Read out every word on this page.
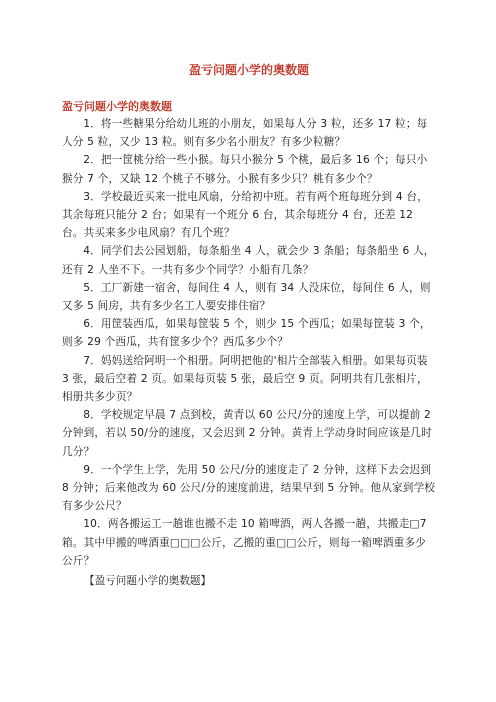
盈亏问题小学的奥数题
盈亏问题小学的奥数题
1．将一些糖果分给幼儿班的小朋友，如果每人分 3 粒，还多 17 粒；每人分 5 粒，又少 13 粒。则有多少名小朋友？有多少粒糖？
2．把一筐桃分给一些小猴。每只小猴分 5 个桃，最后多 16 个；每只小猴分 7 个，又缺 12 个桃子不够分。小猴有多少只？桃有多少个？
3．学校最近买来一批电风扇，分给初中班。若有两个班每班分到 4 台，其余每班只能分 2 台；如果有一个班分 6 台，其余每班分 4 台，还差 12 台。共买来多少电风扇？有几个班？
4．同学们去公园划船，每条船坐 4 人，就会少 3 条船；每条船坐 6 人，还有 2 人坐不下。一共有多少个同学？小船有几条？
5．工厂新建一宿舍，每间住 4 人，则有 34 人没床位，每间住 6 人，则又多 5 间房，共有多少名工人要安排住宿？
6．用筐装西瓜，如果每筐装 5 个，则少 15 个西瓜；如果每筐装 3 个，则多 29 个西瓜，共有筐多少个？西瓜多少个？
7．妈妈送给阿明一个相册。阿明把他的'相片全部装入相册。如果每页装 3 张，最后空着 2 页。如果每页装 5 张，最后空 9 页。阿明共有几张相片，相册共多少页？
8．学校规定早晨 7 点到校，黄青以 60 公尺/分的速度上学，可以提前 2 分钟到，若以 50/分的速度，又会迟到 2 分钟。黄青上学动身时间应该是几时几分？
9．一个学生上学，先用 50 公尺/分的速度走了 2 分钟，这样下去会迟到 8 分钟；后来他改为 60 公尺/分的速度前进，结果早到 5 分钟。他从家到学校有多少公尺？
10．两各搬运工一趟谁也搬不走 10 箱啤酒，两人各搬一趟，共搬走□7 箱。其中甲搬的啤酒重□□□公斤，乙搬的重□□公斤，则每一箱啤酒重多少公斤？

【盈亏问题小学的奥数题】
